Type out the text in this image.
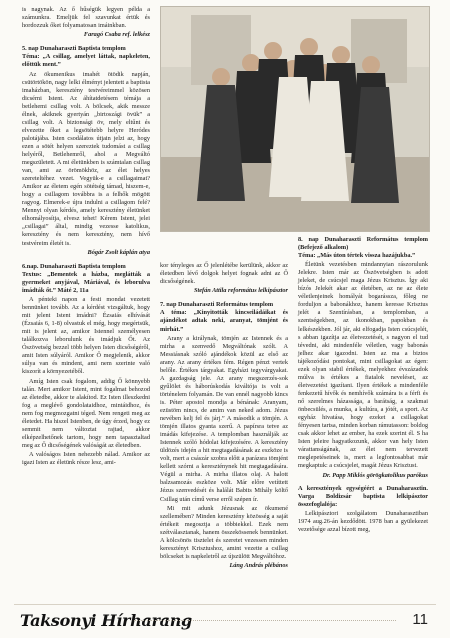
is nagynak. Az ő hűségük legyen példa a számunkra. Emeljük fel szavunkat értük és hordozzuk őket folyamatosan imáinkban.

Faragó Csaba ref. lelkész
5. nap Dunaharaszti Baptista templom
Téma: „A csillag, amelyet láttak, napkeleten, előttük ment.”

Az ökumenikus imahét ötödik napján, csütörtökön, nagy lelki élményt jelentett a baptista imaházban, keresztény testvéreimmel közösen dicsérni Istent. Az áhítatdetésem témája a betlehemi csillag volt. A bölcsek, akik messze élnek, akiknek gyertyán „birtoszági övük” a csillag volt. A biztonsági öv, mely eltűnt és elvezette őket a legsötétebb helyre Heródes palotájába. Isten csodálatos útjain jelzi az, hogy ezen a sötét helyen szereztek tudomást a csillag helyéről, Betlehemről, ahol a Megváltó megszületett. A mi életünkben is számtalan csillag van, ami az örömökhöz, az élet helyes szereteltéhez vezet. Vegyük-e a csillagaimat? Amikor az életem egén sötétség támad, hiszem-e, hogy a csillagom továbbra is a felhők mögött ragyog. Elmerek-e újra indulni a csillagom felé? Mennyi olyan kérdés, amely keresztény életünket elhomályosítja, elvesz tehet! Kérem Istent, jelei „csillagai” által, mindig vezesse katolikus, keresztény és nem keresztény, nem hívő testvéreim életét is.

Bógár Zsolt káplán atya
6.nap. Dunaharaszti Baptista templom
Textus: „Bementek a házba, meglátták a gyermeket anyjával, Máriával, és leborulva imádták őt.” Máté 2, 11a

A pénteki napon a festi mondat vezetett bennünket tovább. Az a kérdést vizsgáltuk, hogy mit jelent Istent imádni? Ézsaiás elhívását (Ézsaiás 6, 1-8) olvastuk el még, hogy megértsük, mit is jelent az, amikor Istennel személyesen találkozva leborulunk és imádjuk Őt. Az Ószövetség bezzel több helyen Isten dicsőségéről, amit Isten súlyáról. Amikor Ő megjelenik, akkor súlya van és mindent, ami nem szerinte való kiszorít a környezetéből.

Amíg Isten csak fogalom, addig Ő könnyebb talán. Mert amikor Istent, mint fogalmat behozod az életedbe, akkor te alakítod. Ez Isten illeszkedni fog a meglévő gondolataidhoz, mintáidhoz, és nem fog megmozgatni téged. Nem rengeti meg az életedet. Ha hiszel Istenben, de úgy érzed, hogy ez semmit nem változtat rajtad, akkor elképzelhetőnek tartom, hogy nem tapasztaltad meg az Ő dicsőségének valóságát az életedben.

A valóságos Isten nehezebb nálad. Amikor az igazi Isten az életünk része lesz, ami-

kor tényleges az Ő jelenlétébe kerülünk, akkor az életedben lévő dolgok helyet fognak adni az Ő dicsőségének.

Stefán Attila református lelkipásztor
7. nap Dunaharaszti Református templom
A téma: „Kinyitották kincseiládáikat és ajándékot adtak neki, aranyat, tömjént és mirhát.”

Arany a királynak, tömjén az Istennek és a mirha a szenvedő Megváltónak szólt. A Messiásnak szóló ajándékok közül az első az arany. Az arany értékes fém. Régen pénzt vertek belőle. Értékes tárgyakat. Egyházi tegyvárgyakat. A gazdagság jele. Az arany megszerzés-sok gyűlölet és háborúskodás kiváltója is volt a történelem folyamán. De van ennél nagyobb kincs is. Péter apostol mondja a bénának: Aranyam, ezüstöm nincs, de amim van neked adom. Jézus nevében kelj fel és járj.” A második a tömjén. A tömjén illatos gyanta szerű. A papírsra tetve az imádás kifejezése. A templomban használják az Istennek szóló hódolat kifejezésére. A keresztény üldözés idején a hit megtagadásának az eszköze is volt, mert a császár szobra előtt a parázsra tömjént kellett szórni a kereszténynek hit megtagadására. Végül a mirha. A mirha illatos olaj. A halott balzsamozás eszköze volt. Már előre vetíttett Jézus szenvedését és halálát Babits Mihály költő Csillag után című verse erről szépen ír.

Mi mit adunk Jézusnak az ökumené szellemében? Minden keresztény közösség a saját értékeit megosztja a többiekkel. Ezek nem szétválasztanak, hanem összekössenek bennünket. A kölcsönös tisztelet és szeretet vezessen minden keresztényt Krisztushoz, amint vezette a csillag bölcseket is napkeletről az újszülött Megváltóhoz.

Láng András plébános
8. nap Dunaharaszti Református templom (Befejező alkalom)
Téma: „Más úton tértek vissza hazájukba.”

Életünk vezetésben mindannyian rászorulunk Jelekre. Isten már az Ószövetségben is adott jeleket, de csúcsjel maga Jézus Krisztus. Így aki bízós Jelekét akar az életében, az ne az élete véletlenjeinek homályát bogarássza, főleg ne forduljon a babonákhoz, hanem keresse Krisztus jelét a Szentírásban, a templomban, a szentségekben, az ikonokban, papokban és lelkészekben. Jól jár, aki elfogadja Isten csúcsjelét, s abban igazítja az életvezetését, s nagyon el tud tévedni, aki mindenféle véletlen, vagy babonás jelhez akar igazodni. Isten az ma a biztos tájékozódási pontokat, mint csillagokat az égen: ezek olyan stabil értékek, melyekhez évszázadok múlva is értékes a fiatalok neveléset, az életvezetést igazítani. Ilyen értékek a mindenféle fenkezetű hívők és nemhívők számára is a férfi és nő szerelmes házassága, a barátság, a szakmai önbecsülés, a munka, a kultúra, a jótét, a sport. Az egyház hivatása, hogy ezeket a csillagokat fényesen tartsa, minden korban rámutasson: boldog csak akkor lehet az ember, ha ezek szerint él. S ha Isten jeleire hagyatkozunk, akkor van hely Isten várattanságának, az élet nem tervezett meglepetéseinek is, mert a legfontosabbat már megkaptuk: a csúcsjelet, magát Jézus Krisztust.

Dr. Papp Miklós görögkatolikus parókus

A keresztények egységéért a Dunaharasztin. Varga Boldizsár baptista lelkipásztor összefoglalója:

Lelkipásztori szolgálatom Dunaharasztiban 1974 aug.26-án kezdődött. 1978 ban a gyülekezet vezetősége azzal bízott meg,

Taksonyi Hírharang	11
